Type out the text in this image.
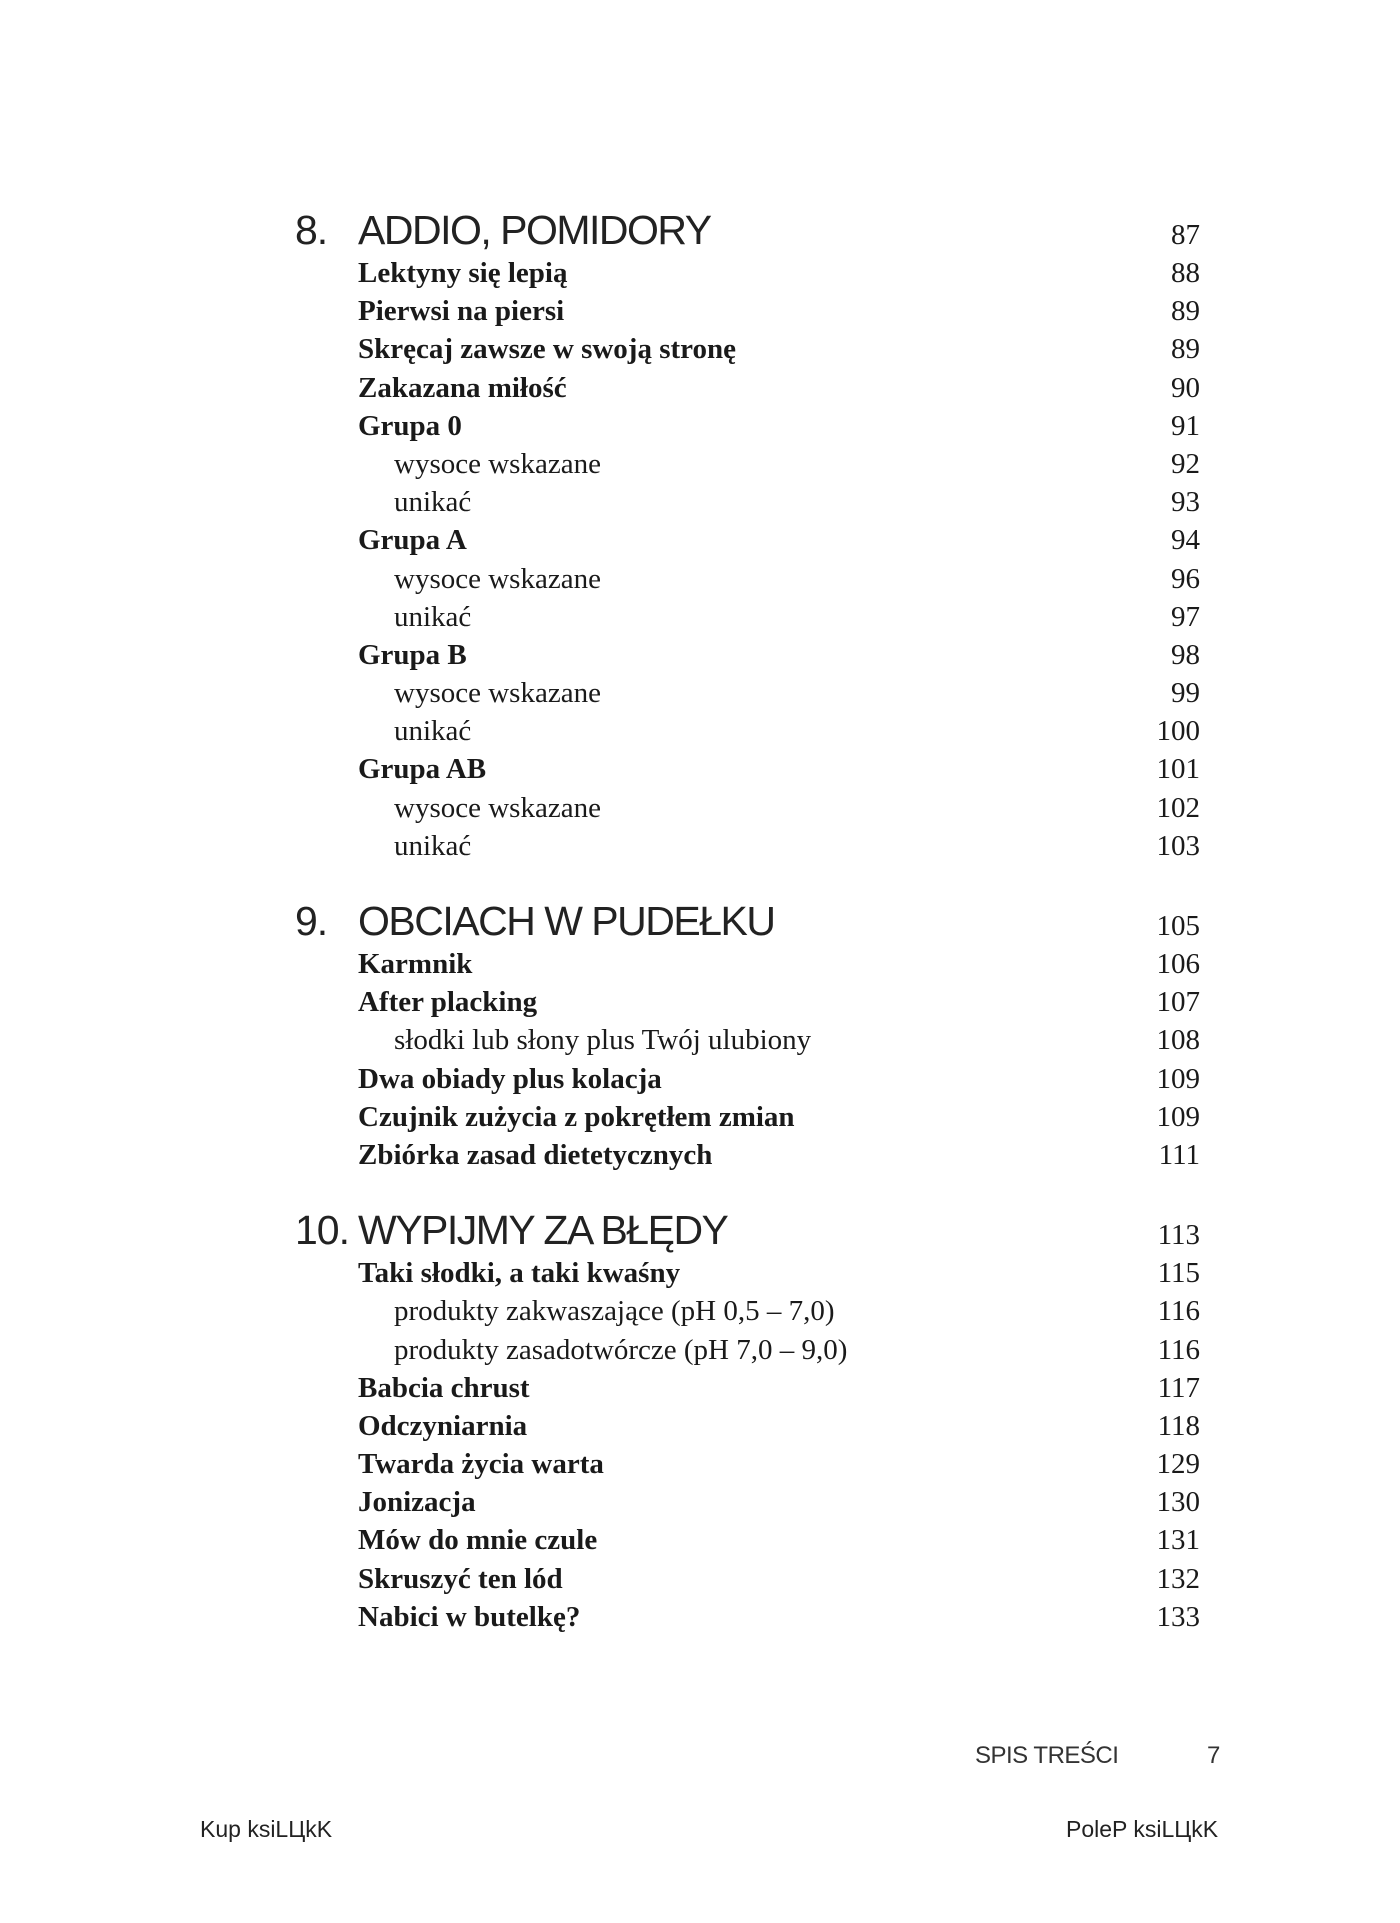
8. ADDIO, POMIDORY	87
Lektyny się lepią	88
Pierwsi na piersi	89
Skręcaj zawsze w swoją stronę	89
Zakazana miłość	90
Grupa 0	91
wysoce wskazane	92
unikać	93
Grupa A	94
wysoce wskazane	96
unikać	97
Grupa B	98
wysoce wskazane	99
unikać	100
Grupa AB	101
wysoce wskazane	102
unikać	103
9. OBCIACH W PUDEŁKU	105
Karmnik	106
After placking	107
słodki lub słony plus Twój ulubiony	108
Dwa obiady plus kolacja	109
Czujnik zużycia z pokrętłem zmian	109
Zbiórka zasad dietetycznych	111
10. WYPIJMY ZA BŁĘDY	113
Taki słodki, a taki kwaśny	115
produkty zakwaszające (pH 0,5 – 7,0)	116
produkty zasadotwórcze (pH 7,0 – 9,0)	116
Babcia chrust	117
Odczyniarnia	118
Twarda życia warta	129
Jonizacja	130
Mów do mnie czule	131
Skruszyć ten lód	132
Nabici w butelkę?	133
SPIS TREŚCI	7
Kup ksiLЦkK	PoleP ksiLЦkK
